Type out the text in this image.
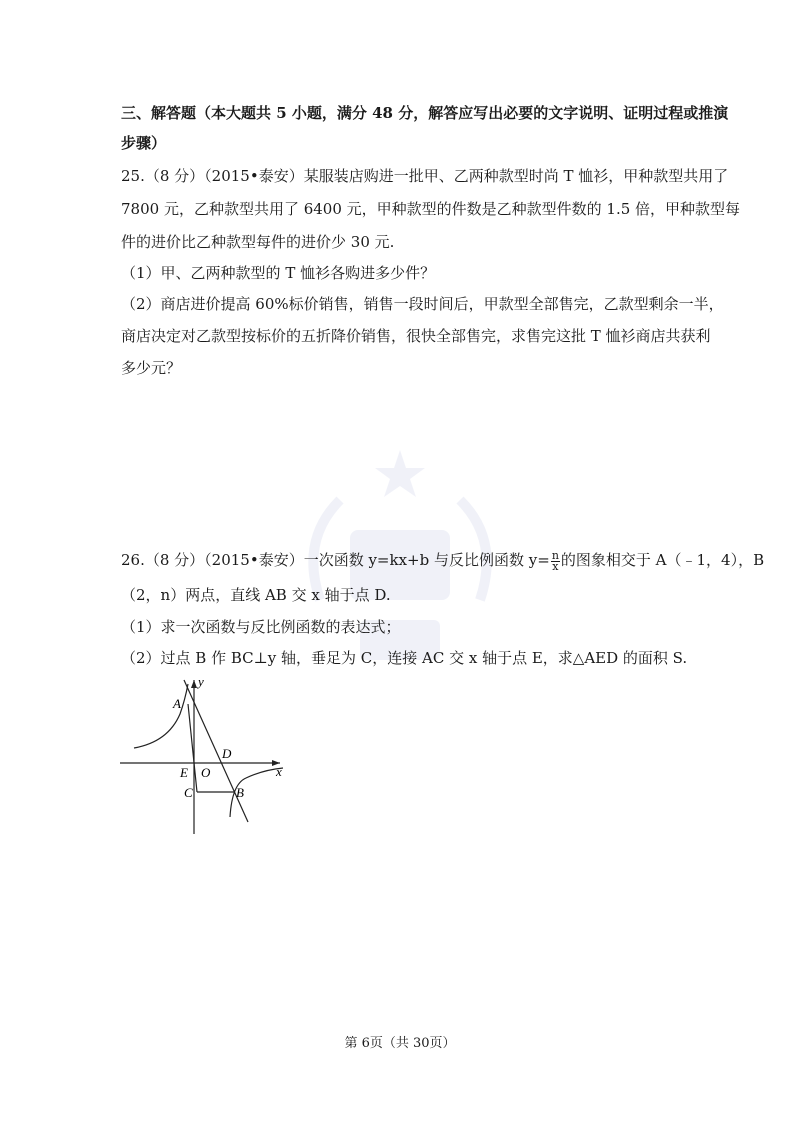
三、解答题（本大题共 5 小题，满分 48 分，解答应写出必要的文字说明、证明过程或推演
步骤）
25.（8 分）（2015•泰安）某服装店购进一批甲、乙两种款型时尚 T 恤衫，甲种款型共用了
7800 元，乙种款型共用了 6400 元，甲种款型的件数是乙种款型件数的 1.5 倍，甲种款型每
件的进价比乙种款型每件的进价少 30 元.
（1）甲、乙两种款型的 T 恤衫各购进多少件？
（2）商店进价提高 60%标价销售，销售一段时间后，甲款型全部售完，乙款型剩余一半，
商店决定对乙款型按标价的五折降价销售，很快全部售完，求售完这批 T 恤衫商店共获利
多少元？
26.（8 分）（2015•泰安）一次函数 y=kx+b 与反比例函数 $y= \frac{n}{x}$ 的图象相交于 A（﹣1，4），B
（2，n）两点，直线 AB 交 x 轴于点 D.
（1）求一次函数与反比例函数的表达式；
（2）过点 B 作 BC⊥y 轴，垂足为 C，连接 AC 交 x 轴于点 E，求△AED 的面积 S.
y
x
A
D
E O
C	B
第 6页（共 30页）
